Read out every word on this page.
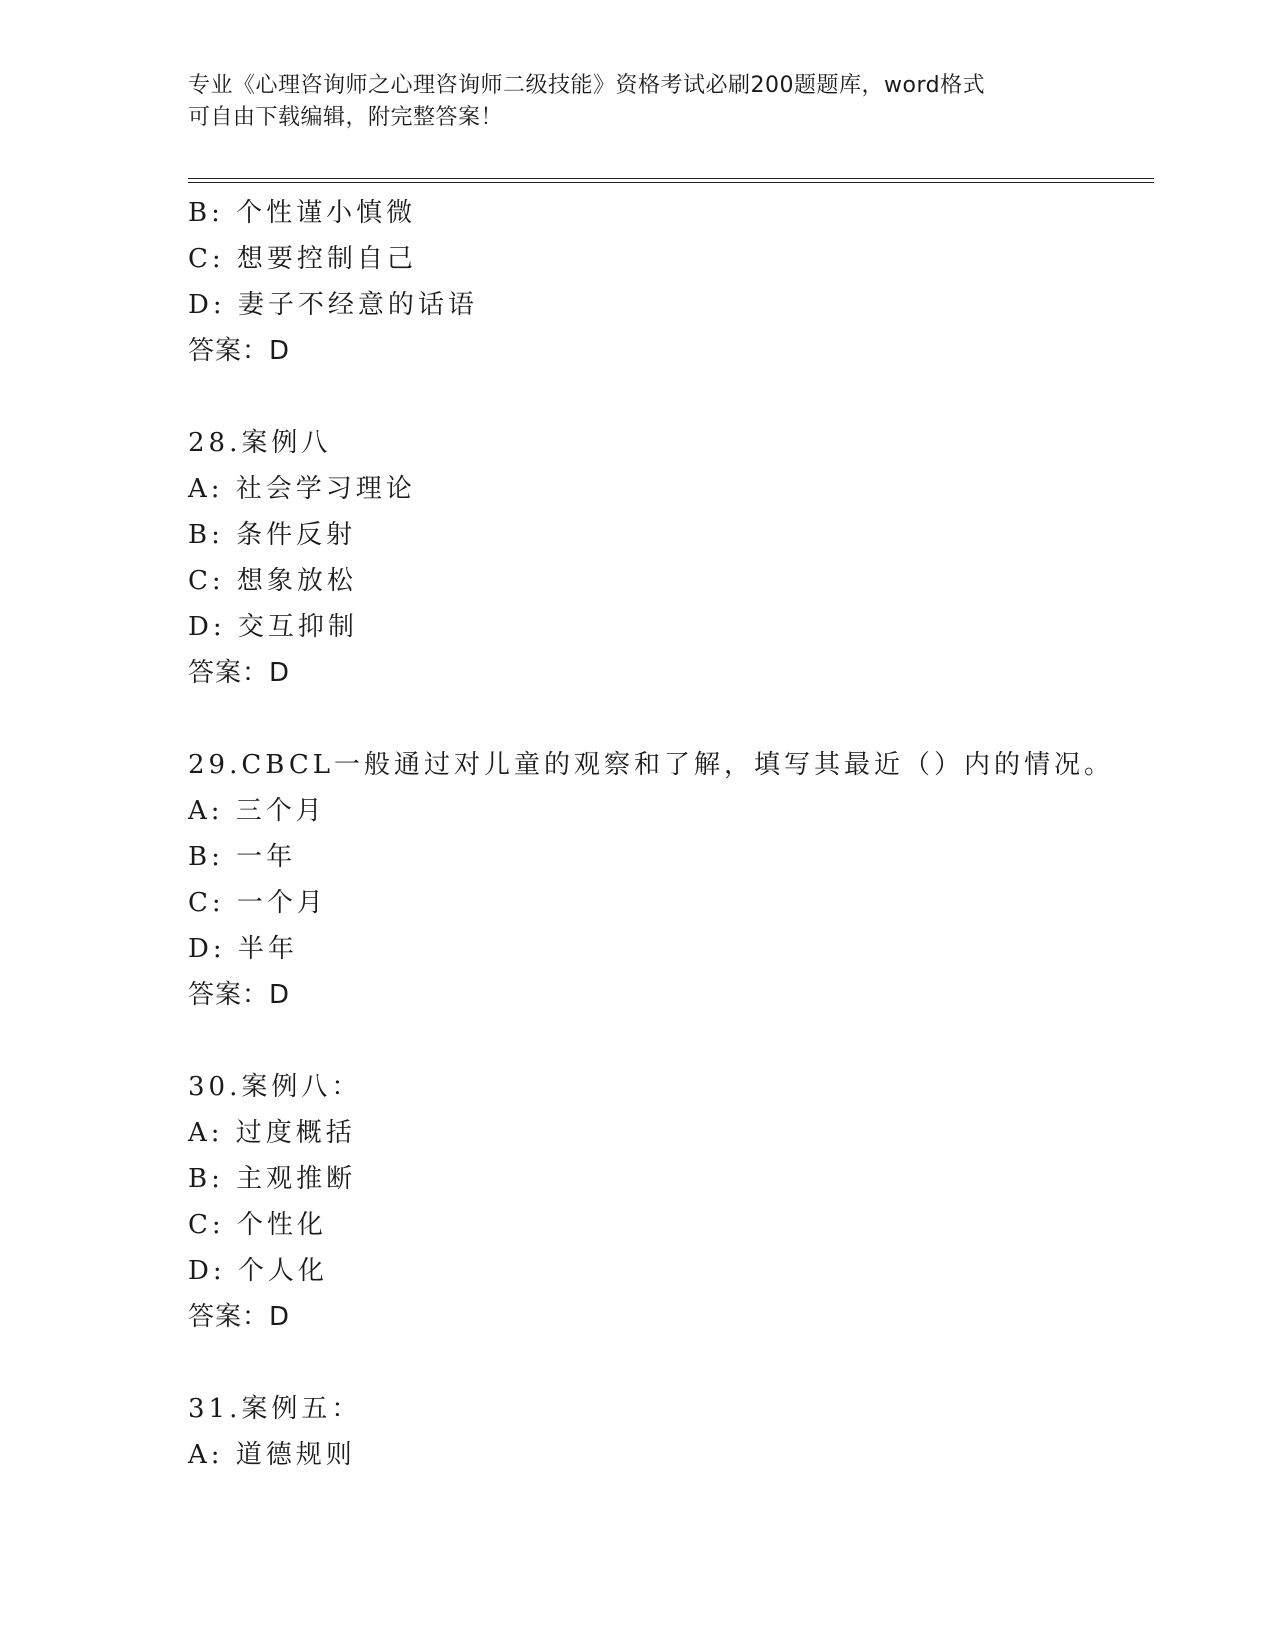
专业《心理咨询师之心理咨询师二级技能》资格考试必刷200题题库，word格式
可自由下载编辑，附完整答案！
B: 个性谨小慎微
C: 想要控制自己
D: 妻子不经意的话语
答案：D
28.案例八
A: 社会学习理论
B: 条件反射
C: 想象放松
D: 交互抑制
答案：D
29.CBCL一般通过对儿童的观察和了解，填写其最近（）内的情况。
A: 三个月
B: 一年
C: 一个月
D: 半年
答案：D
30.案例八：
A: 过度概括
B: 主观推断
C: 个性化
D: 个人化
答案：D
31.案例五：
A: 道德规则
